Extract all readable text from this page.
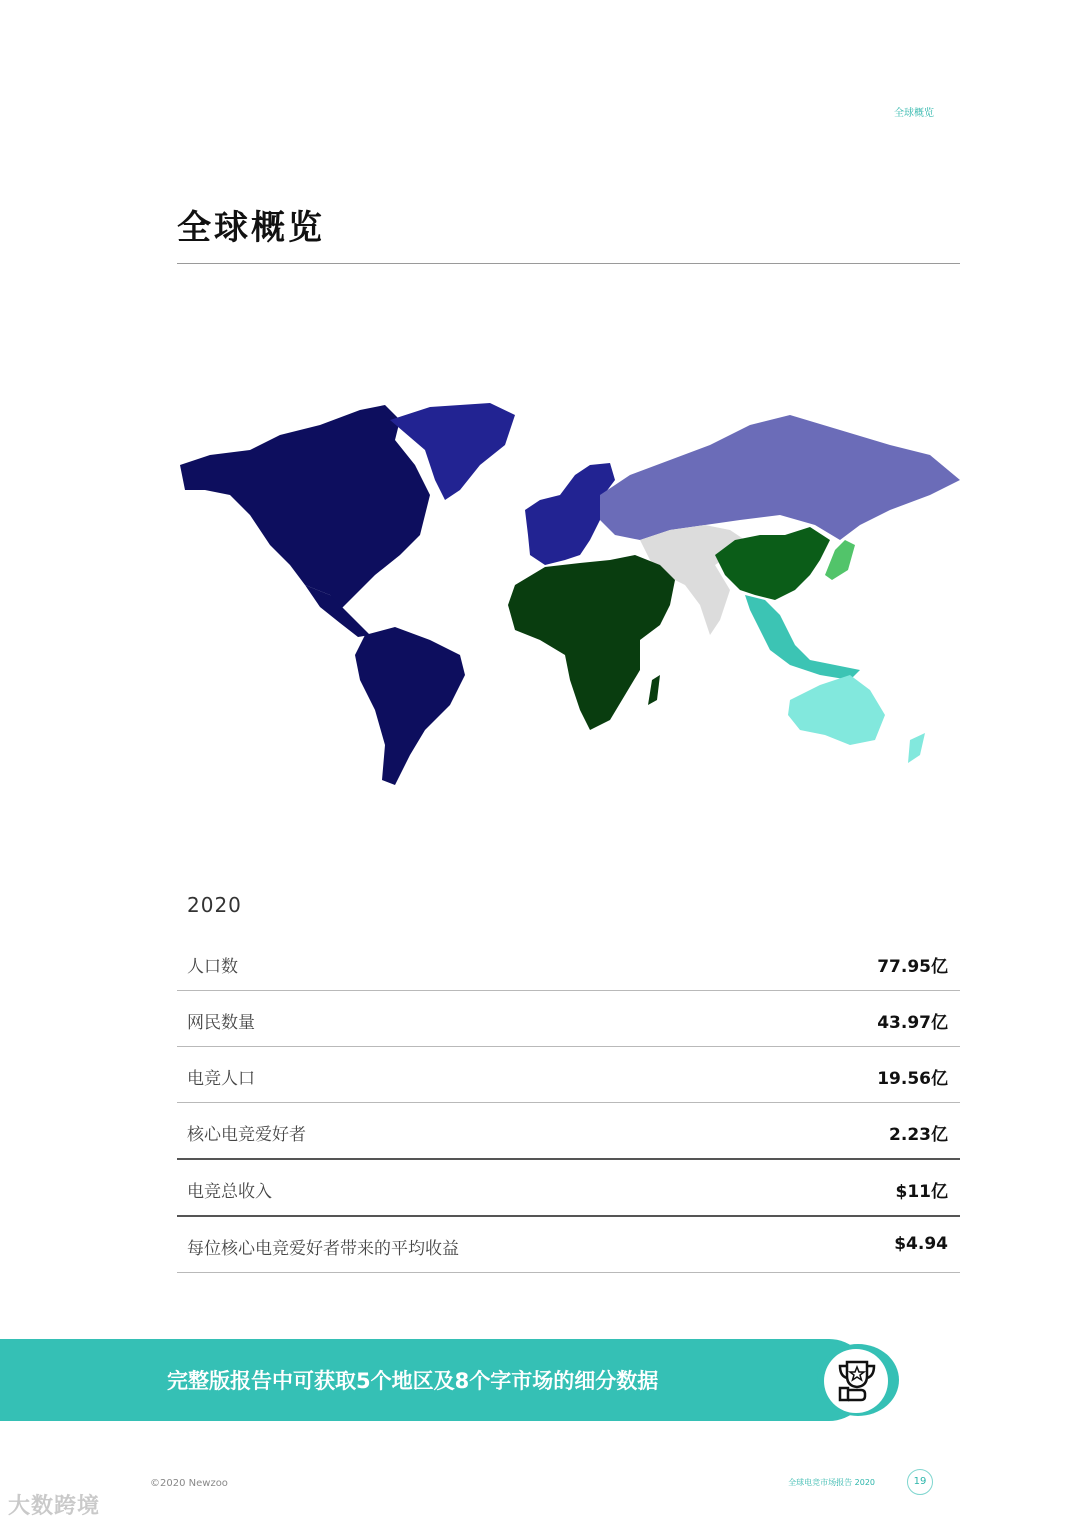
全球概览
全球概览
2020
人口数	77.95亿
网民数量	43.97亿
电竞人口	19.56亿
核心电竞爱好者	2.23亿
电竞总收入	$11亿
每位核心电竞爱好者带来的平均收益	$4.94
完整版报告中可获取5个地区及8个字市场的细分数据
©2020 Newzoo	全球电竞市场报告 2020	19
大数跨境
